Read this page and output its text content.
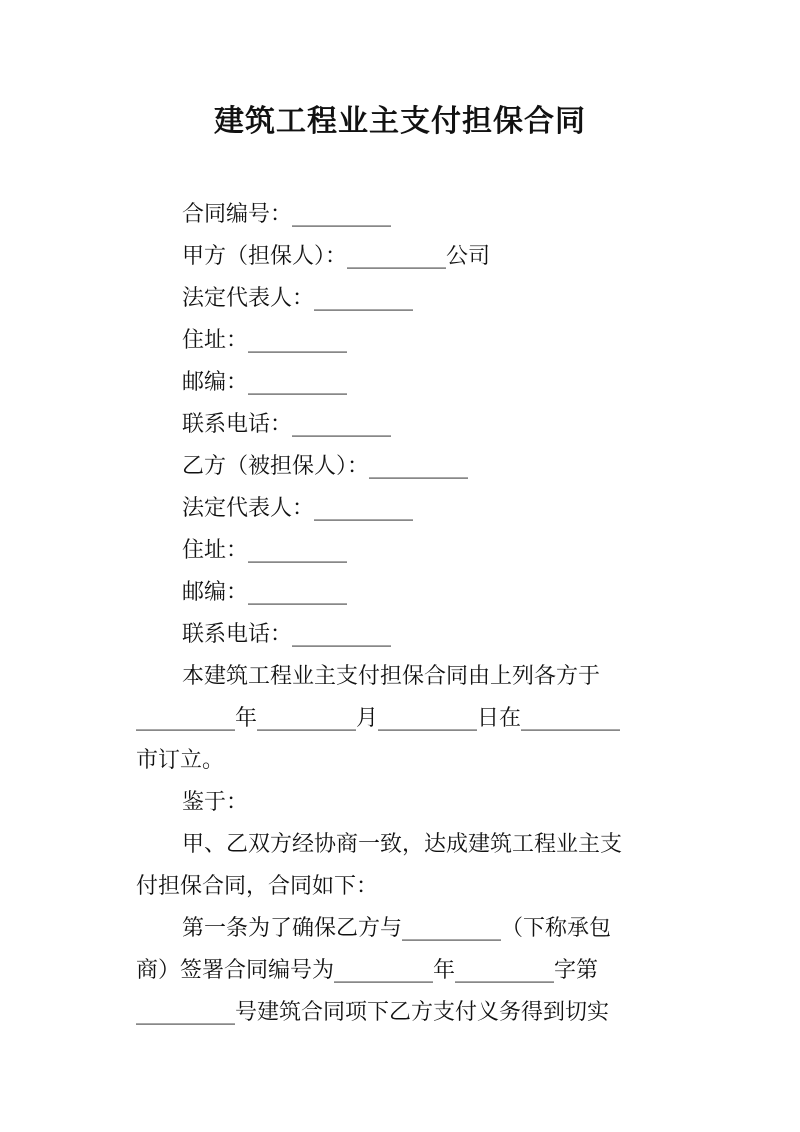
建筑工程业主支付担保合同
合同编号：_________
甲方（担保人）：_________公司
法定代表人：_________
住址：_________
邮编：_________
联系电话：_________
乙方（被担保人）：_________
法定代表人：_________
住址：_________
邮编：_________
联系电话：_________
本建筑工程业主支付担保合同由上列各方于
_________年_________月_________日在_________
市订立。
鉴于：
甲、乙双方经协商一致，达成建筑工程业主支
付担保合同，合同如下：
第一条为了确保乙方与_________（下称承包
商）签署合同编号为_________年_________字第
_________号建筑合同项下乙方支付义务得到切实
